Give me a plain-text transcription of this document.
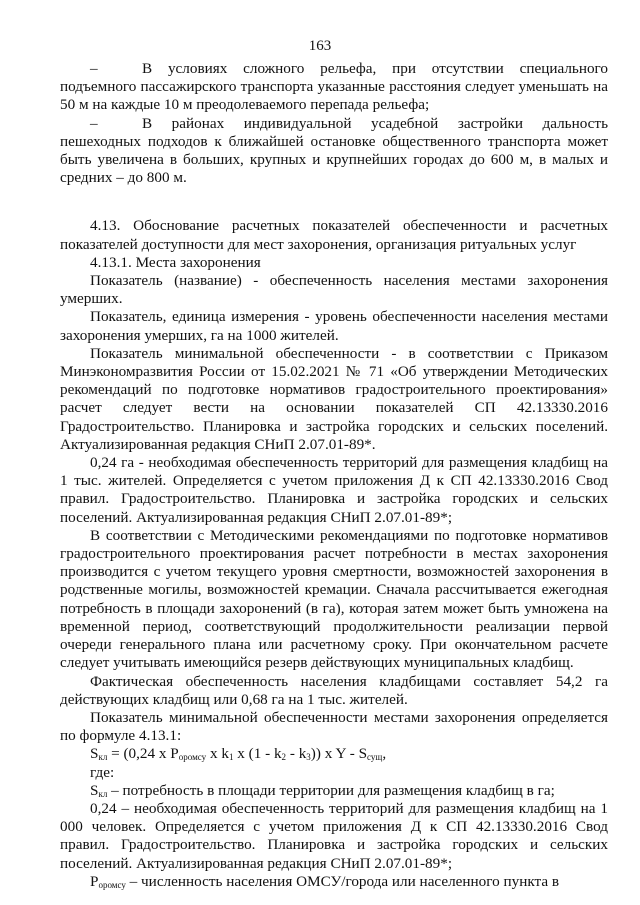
163

–	В условиях сложного рельефа, при отсутствии специального подъемного пассажирского транспорта указанные расстояния следует уменьшать на 50 м на каждые 10 м преодолеваемого перепада рельефа;

–	В районах индивидуальной усадебной застройки дальность пешеходных подходов к ближайшей остановке общественного транспорта может быть увеличена в больших, крупных и крупнейших городах до 600 м, в малых и средних – до 800 м.

4.13. Обоснование расчетных показателей обеспеченности и расчетных показателей доступности для мест захоронения, организация ритуальных услуг

4.13.1. Места захоронения

Показатель (название) - обеспеченность населения местами захоронения умерших.

Показатель, единица измерения - уровень обеспеченности населения местами захоронения умерших, га на 1000 жителей.

Показатель минимальной обеспеченности - в соответствии с Приказом Минэкономразвития России от 15.02.2021 № 71 «Об утверждении Методических рекомендаций по подготовке нормативов градостроительного проектирования» расчет следует вести на основании показателей СП 42.13330.2016 Градостроительство. Планировка и застройка городских и сельских поселений. Актуализированная редакция СНиП 2.07.01-89*.

0,24 га - необходимая обеспеченность территорий для размещения кладбищ на 1 тыс. жителей. Определяется с учетом приложения Д к СП 42.13330.2016 Свод правил. Градостроительство. Планировка и застройка городских и сельских поселений. Актуализированная редакция СНиП 2.07.01-89*;

В соответствии с Методическими рекомендациями по подготовке нормативов градостроительного проектирования расчет потребности в местах захоронения производится с учетом текущего уровня смертности, возможностей захоронения в родственные могилы, возможностей кремации. Сначала рассчитывается ежегодная потребность в площади захоронений (в га), которая затем может быть умножена на временной период, соответствующий продолжительности реализации первой очереди генерального плана или расчетному сроку. При окончательном расчете следует учитывать имеющийся резерв действующих муниципальных кладбищ.

Фактическая обеспеченность населения кладбищами составляет 54,2 га действующих кладбищ или 0,68 га на 1 тыс. жителей.

Показатель минимальной обеспеченности местами захоронения определяется по формуле 4.13.1:

$S_{кл} = (0,24$ x $P_{оромсу}$ x $k_1$ x $(1 - k_2 - k_3)$) x Y - $S_{сущ}$,

где:

$S_{кл}$ – потребность в площади территории для размещения кладбищ в га;

0,24 – необходимая обеспеченность территорий для размещения кладбищ на 1 000 человек. Определяется с учетом приложения Д к СП 42.13330.2016 Свод правил. Градостроительство. Планировка и застройка городских и сельских поселений. Актуализированная редакция СНиП 2.07.01-89*;

$P_{оромсу}$ – численность населения ОМСУ/города или населенного пункта в
